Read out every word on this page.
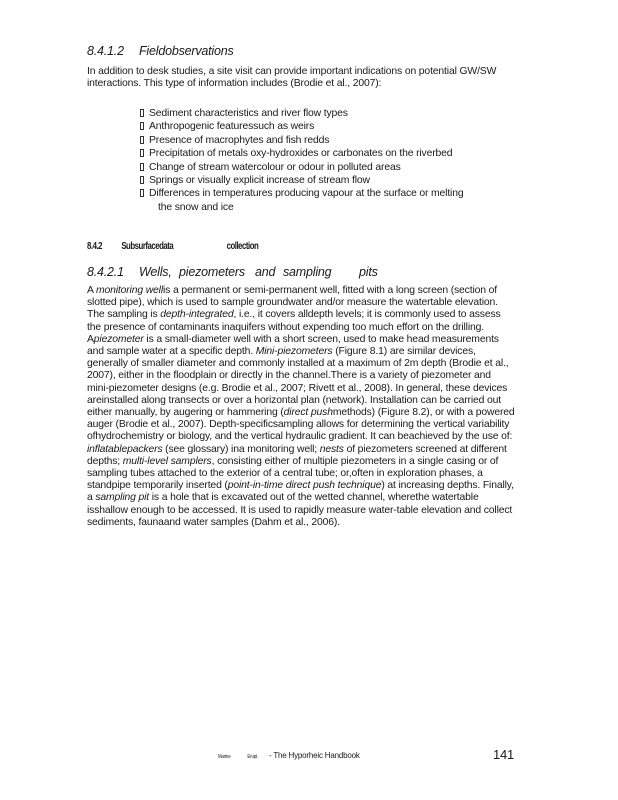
8.4.1.2 Fieldobservations
In addition to desk studies, a site visit can provide important indications on potential GW/SW interactions. This type of information includes (Brodie et al., 2007):
Sediment characteristics and river flow types
Anthropogenic featuressuch as weirs
Presence of macrophytes and fish redds
Precipitation of metals oxy-hydroxides or carbonates on the riverbed
Change of stream watercolour or odour in polluted areas
Springs or visually explicit increase of stream flow
Differences in temperatures producing vapour at the surface or melting
the snow and ice
8.4.2 Subsurfacedata	collection
8.4.2.1 Wells, piezometers and sampling pits
A monitoring wellis a permanent or semi-permanent well, fitted with a long screen (section of slotted pipe), which is used to sample groundwater and/or measure the watertable elevation. The sampling is depth-integrated, i.e., it covers alldepth levels; it is commonly used to assess the presence of contaminants inaquifers without expending too much effort on the drilling. Apiezometer is a small-diameter well with a short screen, used to make head measurements and sample water at a specific depth. Mini-piezometers (Figure 8.1) are similar devices, generally of smaller diameter and commonly installed at a maximum of 2m depth (Brodie et al., 2007), either in the floodplain or directly in the channel.There is a variety of piezometer and mini-piezometer designs (e.g. Brodie et al., 2007; Rivett et al., 2008). In general, these devices areinstalled along transects or over a horizontal plan (network). Installation can be carried out either manually, by augering or hammering (direct pushmethods) (Figure 8.2), or with a powered auger (Brodie et al., 2007). Depth-specificsampling allows for determining the vertical variability ofhydrochemistry or biology, and the vertical hydraulic gradient. It can beachieved by the use of: inflatablepackers (see glossary) ina monitoring well; nests of piezometers screened at different depths; multi-level samplers, consisting either of multiple piezometers in a single casing or of sampling tubes attached to the exterior of a central tube; or,often in exploration phases, a standpipe temporarily inserted (point-in-time direct push technique) at increasing depths. Finally, a sampling pit is a hole that is excavated out of the wetted channel, wherethe watertable isshallow enough to be accessed. It is used to rapidly measure water-table elevation and collect sediments, faunaand water samples (Dahm et al., 2006).
Marine	Erupt. - The Hyporheic Handbook	141
